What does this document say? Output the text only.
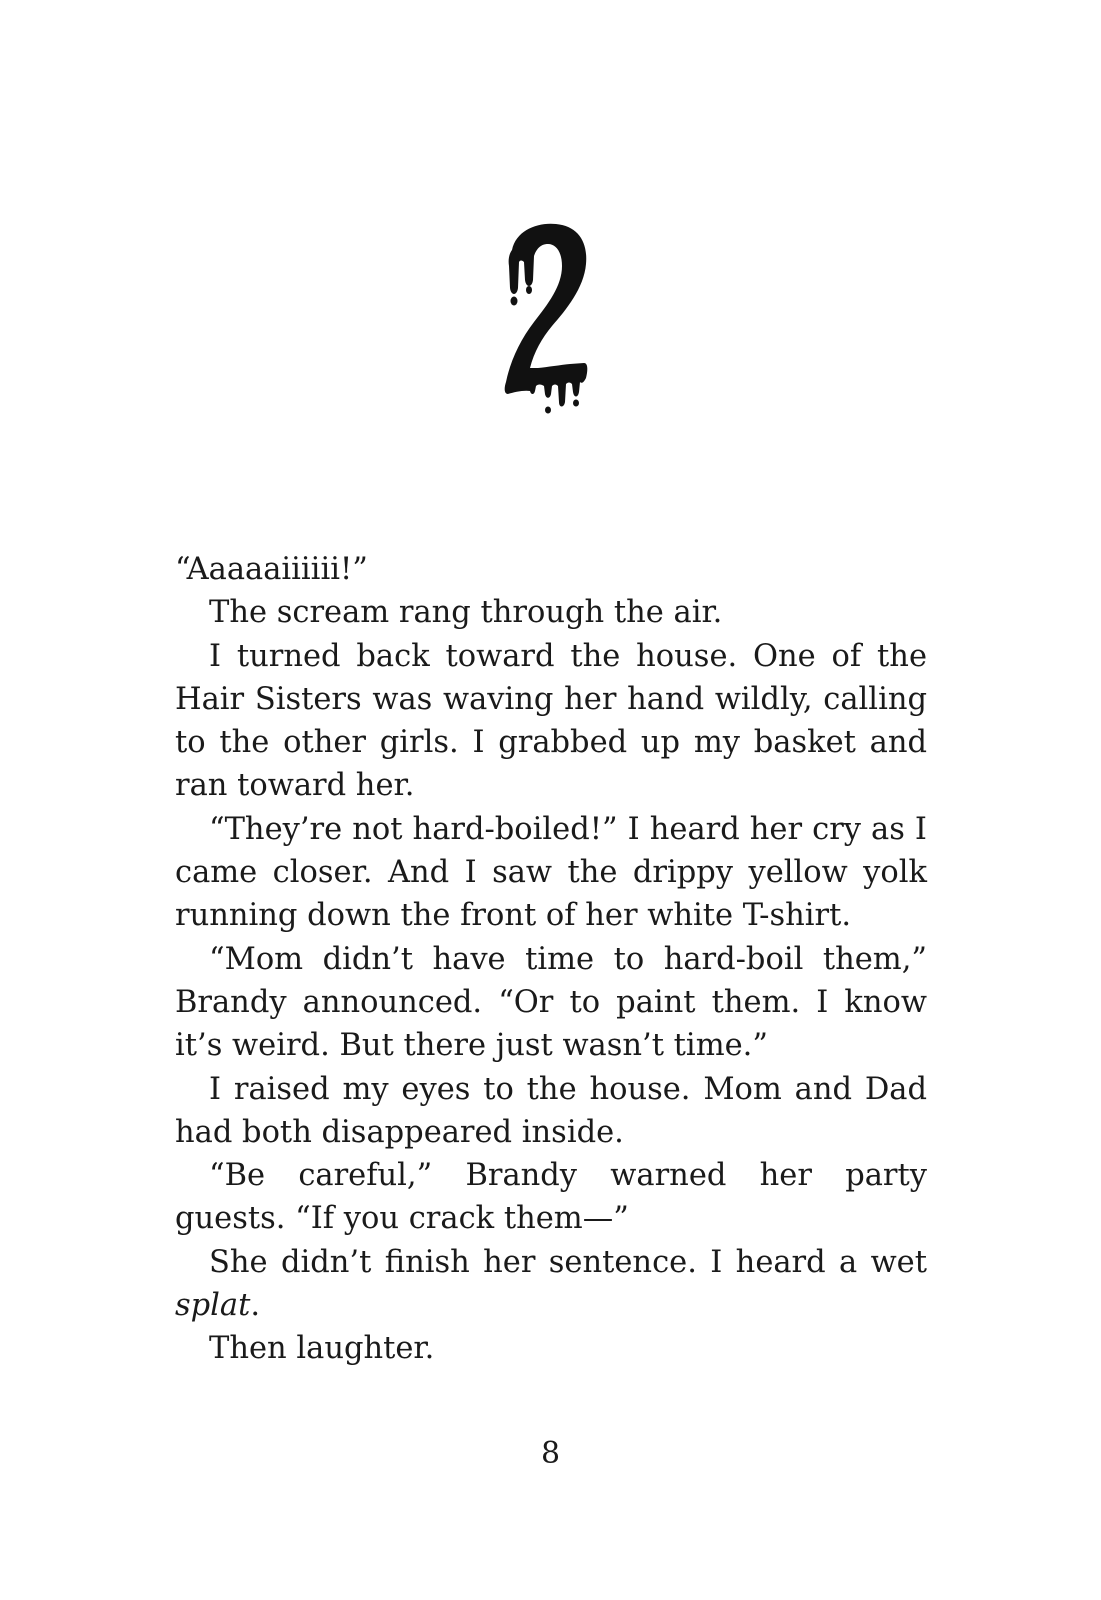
“Aaaaaiiiiii!”

The scream rang through the air.

I turned back toward the house. One of the Hair Sisters was waving her hand wildly, calling to the other girls. I grabbed up my basket and ran toward her.

“They’re not hard-boiled!” I heard her cry as I came closer. And I saw the drippy yellow yolk running down the front of her white T-shirt.

“Mom didn’t have time to hard-boil them,” Brandy announced. “Or to paint them. I know it’s weird. But there just wasn’t time.”

I raised my eyes to the house. Mom and Dad had both disappeared inside.

“Be careful,” Brandy warned her party guests. “If you crack them—”

She didn’t finish her sentence. I heard a wet splat.

Then laughter.

8
